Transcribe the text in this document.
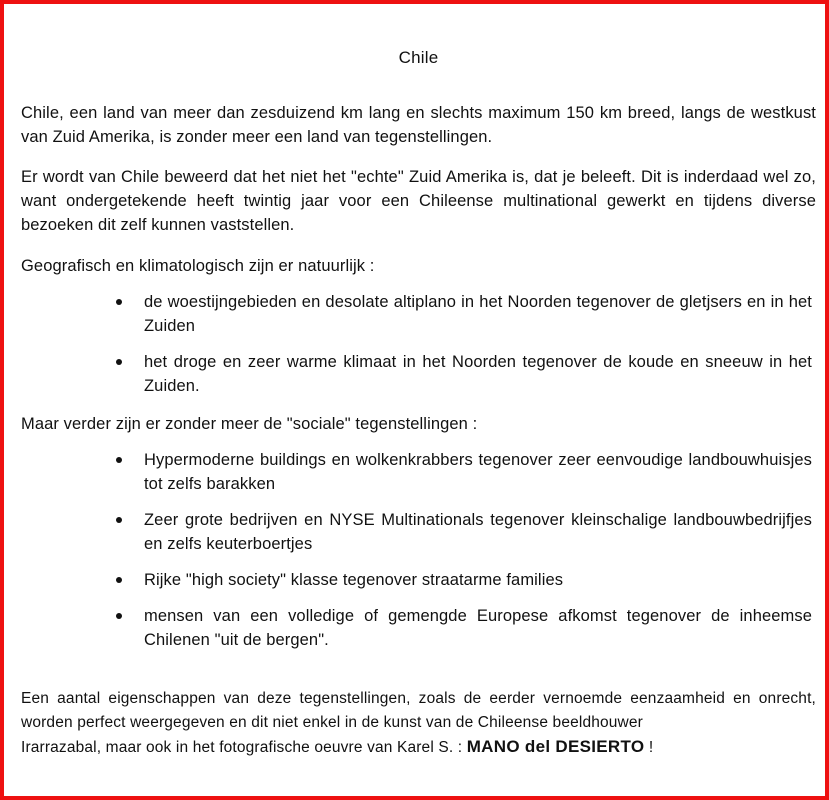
Chile
Chile, een land van meer dan zesduizend km lang en slechts maximum 150 km breed, langs de westkust van Zuid Amerika, is zonder meer een land van tegenstellingen.
Er wordt van Chile beweerd dat het niet het "echte" Zuid Amerika is, dat je beleeft. Dit is inderdaad wel zo, want ondergetekende heeft twintig jaar voor een Chileense multinational gewerkt en tijdens diverse bezoeken dit zelf kunnen vaststellen.
Geografisch en klimatologisch zijn er natuurlijk :
de woestijngebieden en desolate altiplano in het Noorden tegenover de gletjsers en in het Zuiden
het droge en zeer warme klimaat in het Noorden tegenover de koude en sneeuw in het Zuiden.
Maar verder zijn er zonder meer de "sociale" tegenstellingen :
Hypermoderne buildings en wolkenkrabbers tegenover zeer eenvoudige landbouwhuisjes tot zelfs barakken
Zeer grote bedrijven en NYSE Multinationals tegenover kleinschalige landbouwbedrijfjes en zelfs keuterboertjes
Rijke "high society" klasse tegenover straatarme families
mensen van een volledige of gemengde Europese afkomst tegenover de inheemse Chilenen "uit de bergen".
Een aantal eigenschappen van deze tegenstellingen, zoals de eerder vernoemde eenzaamheid en onrecht, worden perfect weergegeven en dit niet enkel in de kunst van de Chileense beeldhouwer
Irarrazabal, maar ook in het fotografische oeuvre van Karel S. : MANO del DESIERTO !
